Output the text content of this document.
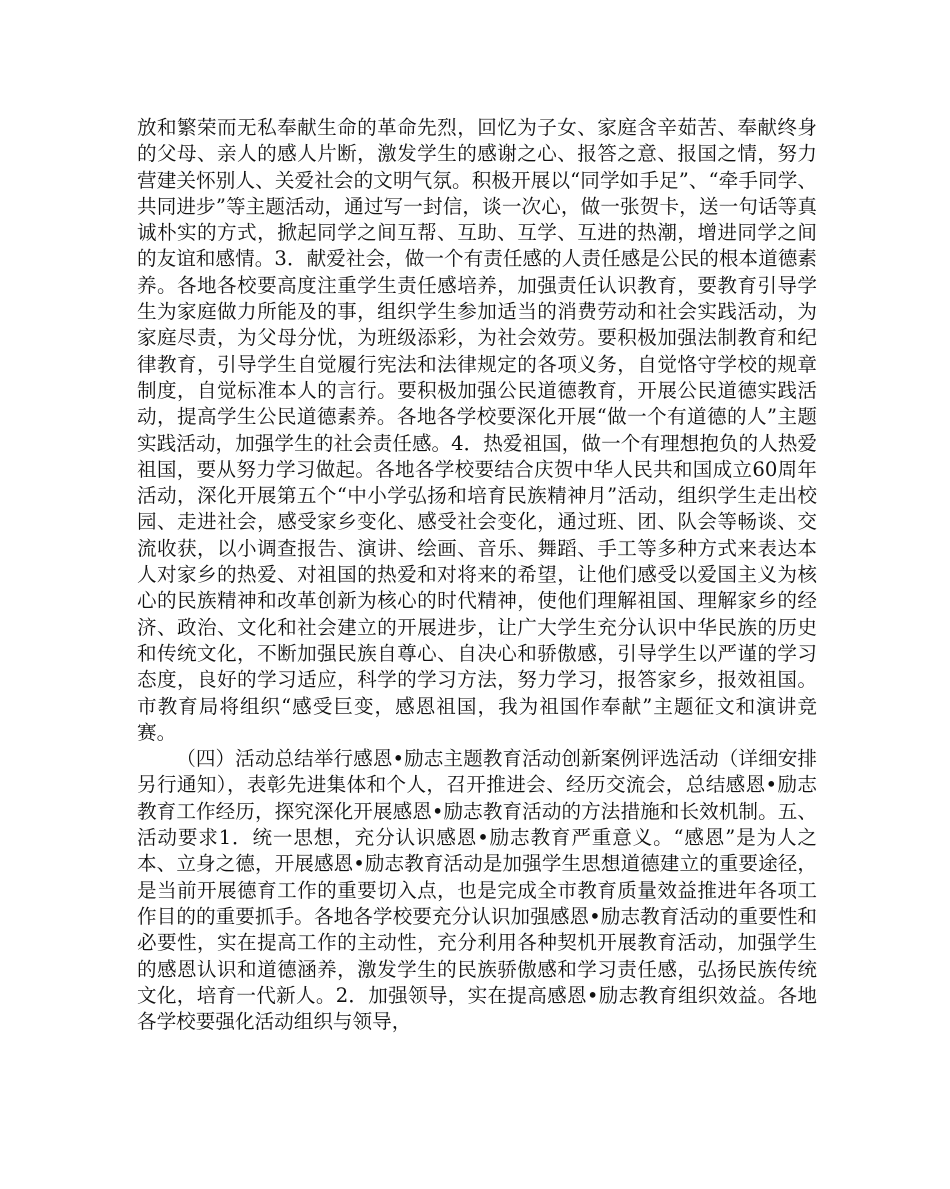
放和繁荣而无私奉献生命的革命先烈，回忆为子女、家庭含辛茹苦、奉献终身的父母、亲人的感人片断，激发学生的感谢之心、报答之意、报国之情，努力营建关怀别人、关爱社会的文明气氛。积极开展以“同学如手足”、“牵手同学、共同进步”等主题活动，通过写一封信，谈一次心，做一张贺卡，送一句话等真诚朴实的方式，掀起同学之间互帮、互助、互学、互进的热潮，增进同学之间的友谊和感情。3．献爱社会，做一个有责任感的人责任感是公民的根本道德素养。各地各校要高度注重学生责任感培养，加强责任认识教育，要教育引导学生为家庭做力所能及的事，组织学生参加适当的消费劳动和社会实践活动，为家庭尽责，为父母分忧，为班级添彩，为社会效劳。要积极加强法制教育和纪律教育，引导学生自觉履行宪法和法律规定的各项义务，自觉恪守学校的规章制度，自觉标准本人的言行。要积极加强公民道德教育，开展公民道德实践活动，提高学生公民道德素养。各地各学校要深化开展“做一个有道德的人”主题实践活动，加强学生的社会责任感。4．热爱祖国，做一个有理想抱负的人热爱祖国，要从努力学习做起。各地各学校要结合庆贺中华人民共和国成立60周年活动，深化开展第五个“中小学弘扬和培育民族精神月”活动，组织学生走出校园、走进社会，感受家乡变化、感受社会变化，通过班、团、队会等畅谈、交流收获，以小调查报告、演讲、绘画、音乐、舞蹈、手工等多种方式来表达本人对家乡的热爱、对祖国的热爱和对将来的希望，让他们感受以爱国主义为核心的民族精神和改革创新为核心的时代精神，使他们理解祖国、理解家乡的经济、政治、文化和社会建立的开展进步，让广大学生充分认识中华民族的历史和传统文化，不断加强民族自尊心、自决心和骄傲感，引导学生以严谨的学习态度，良好的学习适应，科学的学习方法，努力学习，报答家乡，报效祖国。市教育局将组织“感受巨变，感恩祖国，我为祖国作奉献”主题征文和演讲竞赛。

（四）活动总结举行感恩•励志主题教育活动创新案例评选活动（详细安排另行通知），表彰先进集体和个人，召开推进会、经历交流会，总结感恩•励志教育工作经历，探究深化开展感恩•励志教育活动的方法措施和长效机制。五、活动要求1．统一思想，充分认识感恩•励志教育严重意义。“感恩”是为人之本、立身之德，开展感恩•励志教育活动是加强学生思想道德建立的重要途径，是当前开展德育工作的重要切入点，也是完成全市教育质量效益推进年各项工作目的的重要抓手。各地各学校要充分认识加强感恩•励志教育活动的重要性和必要性，实在提高工作的主动性，充分利用各种契机开展教育活动，加强学生的感恩认识和道德涵养，激发学生的民族骄傲感和学习责任感，弘扬民族传统文化，培育一代新人。2．加强领导，实在提高感恩•励志教育组织效益。各地各学校要强化活动组织与领导，
